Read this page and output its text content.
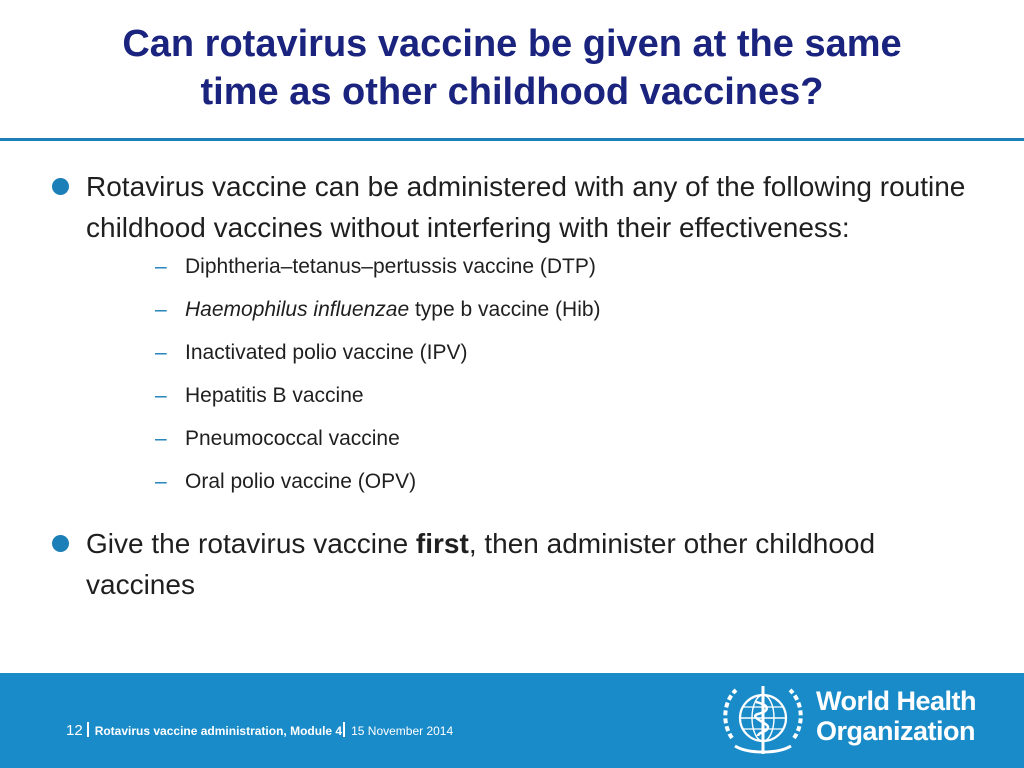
Can rotavirus vaccine be given at the same
time as other childhood vaccines?
Rotavirus vaccine can be administered with any of the following routine childhood vaccines without interfering with their effectiveness:
– Diphtheria–tetanus–pertussis vaccine (DTP)
– Haemophilus influenzae type b vaccine (Hib)
– Inactivated polio vaccine (IPV)
– Hepatitis B vaccine
– Pneumococcal vaccine
– Oral polio vaccine (OPV)
Give the rotavirus vaccine first, then administer other childhood vaccines
12 Rotavirus vaccine administration, Module 4 15 November 2014
World Health
Organization
